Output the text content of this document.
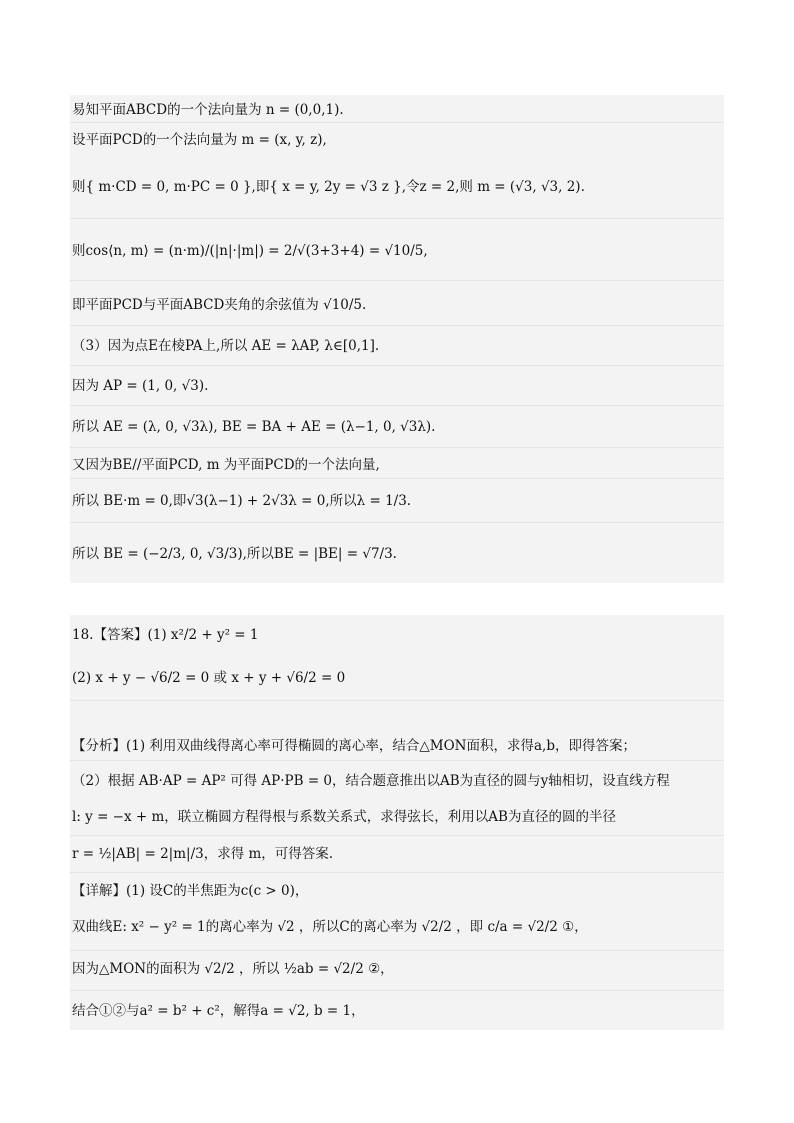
易知平面ABCD的一个法向量为 n = (0,0,1).
设平面PCD的一个法向量为 m = (x, y, z),
则{ m·CD = 0, m·PC = 0 },即{ x = y, 2y = √3 z },令z = 2,则 m = (√3, √3, 2).
则cos⟨n, m⟩ = (n·m)/(|n|·|m|) = 2/√(3+3+4) = √10/5,
即平面PCD与平面ABCD夹角的余弦值为 √10/5.
（3）因为点E在棱PA上,所以 AE = λAP, λ∈[0,1].
因为 AP = (1, 0, √3).
所以 AE = (λ, 0, √3λ), BE = BA + AE = (λ−1, 0, √3λ).
又因为BE//平面PCD, m 为平面PCD的一个法向量,
所以 BE·m = 0,即√3(λ−1) + 2√3λ = 0,所以λ = 1/3.
所以 BE = (−2/3, 0, √3/3),所以BE = |BE| = √7/3.
18.【答案】(1) x²/2 + y² = 1
(2) x + y − √6/2 = 0 或 x + y + √6/2 = 0
【分析】(1) 利用双曲线得离心率可得椭圆的离心率，结合△MON面积，求得a,b，即得答案；
（2）根据 AB·AP = AP² 可得 AP·PB = 0，结合题意推出以AB为直径的圆与y轴相切，设直线方程
l: y = −x + m，联立椭圆方程得根与系数关系式，求得弦长，利用以AB为直径的圆的半径
r = ½|AB| = 2|m|/3，求得 m，可得答案.
【详解】(1) 设C的半焦距为c(c > 0)，
双曲线E: x² − y² = 1的离心率为 √2 ，所以C的离心率为 √2/2 ，即 c/a = √2/2 ①，
因为△MON的面积为 √2/2 ，所以 ½ab = √2/2 ②，
结合①②与a² = b² + c²，解得a = √2, b = 1，
